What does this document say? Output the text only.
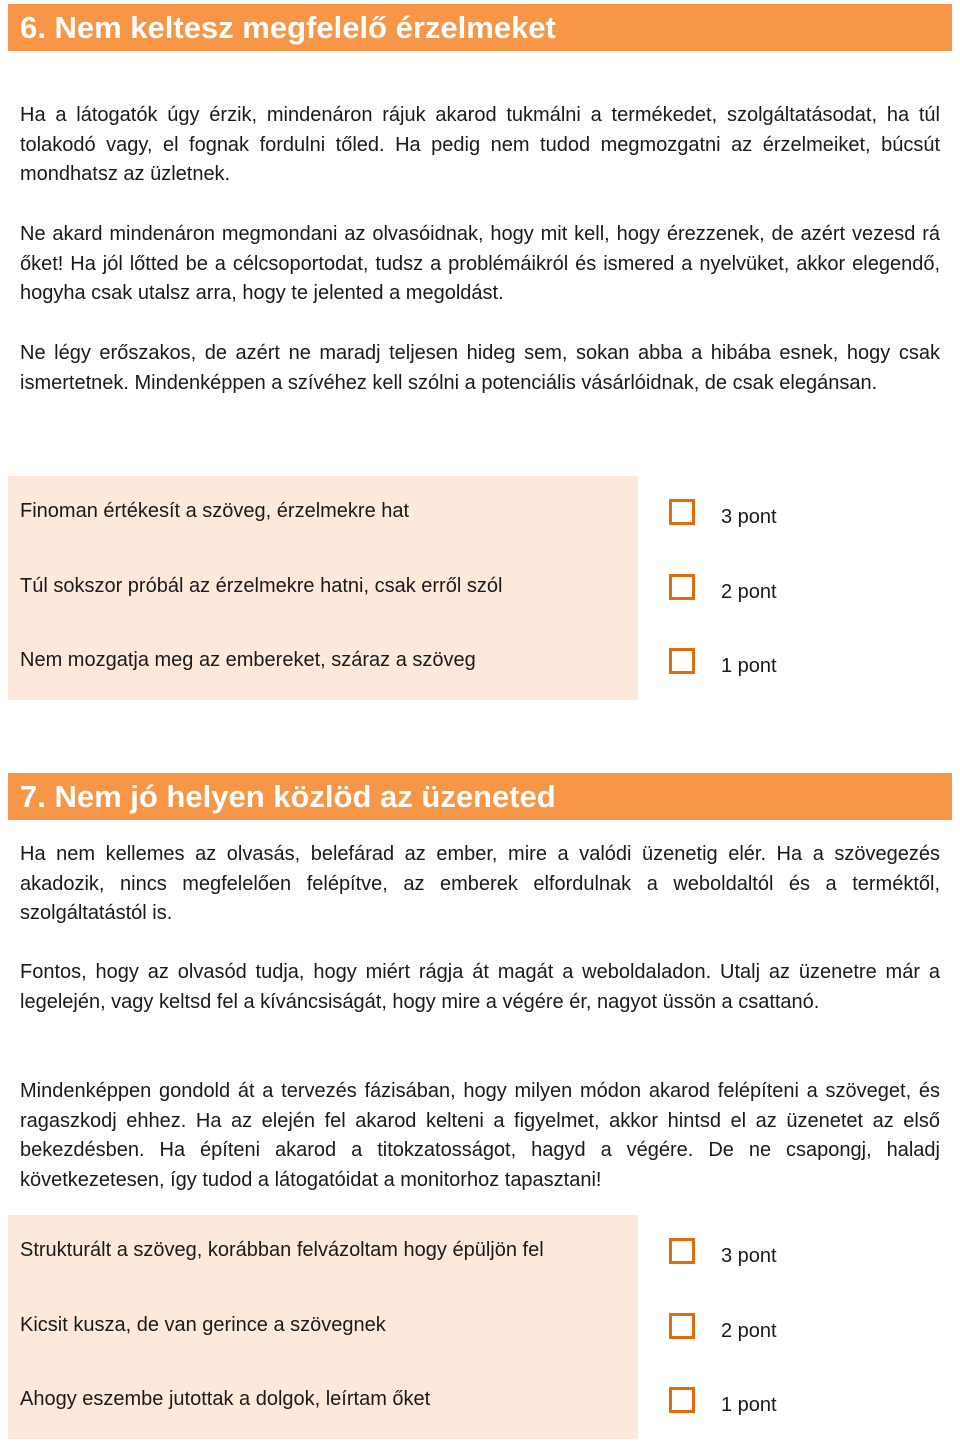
6. Nem keltesz megfelelő érzelmeket

Ha a látogatók úgy érzik, mindenáron rájuk akarod tukmálni a termékedet, szolgáltatásodat, ha túl tolakodó vagy, el fognak fordulni tőled. Ha pedig nem tudod megmozgatni az érzelmeiket, búcsút mondhatsz az üzletnek.

Ne akard mindenáron megmondani az olvasóidnak, hogy mit kell, hogy érezzenek, de azért vezesd rá őket! Ha jól lőtted be a célcsoportodat, tudsz a problémáikról és ismered a nyelvüket, akkor elegendő, hogyha csak utalsz arra, hogy te jelented a megoldást.

Ne légy erőszakos, de azért ne maradj teljesen hideg sem, sokan abba a hibába esnek, hogy csak ismertetnek. Mindenképpen a szívéhez kell szólni a potenciális vásárlóidnak, de csak elegánsan.

Finoman értékesít a szöveg, érzelmekre hat	3 pont
Túl sokszor próbál az érzelmekre hatni, csak erről szól	2 pont
Nem mozgatja meg az embereket, száraz a szöveg	1 pont
7. Nem jó helyen közlöd az üzeneted

Ha nem kellemes az olvasás, belefárad az ember, mire a valódi üzenetig elér. Ha a szövegezés akadozik, nincs megfelelően felépítve, az emberek elfordulnak a weboldaltól és a terméktől, szolgáltatástól is.

Fontos, hogy az olvasód tudja, hogy miért rágja át magát a weboldaladon. Utalj az üzenetre már a legelején, vagy keltsd fel a kíváncsiságát, hogy mire a végére ér, nagyot üssön a csattanó.

Mindenképpen gondold át a tervezés fázisában, hogy milyen módon akarod felépíteni a szöveget, és ragaszkodj ehhez. Ha az elején fel akarod kelteni a figyelmet, akkor hintsd el az üzenetet az első bekezdésben. Ha építeni akarod a titokzatosságot, hagyd a végére. De ne csapongj, haladj következetesen, így tudod a látogatóidat a monitorhoz tapasztani!

Strukturált a szöveg, korábban felvázoltam hogy épüljön fel	3 pont
Kicsit kusza, de van gerince a szövegnek	2 pont
Ahogy eszembe jutottak a dolgok, leírtam őket	1 pont
